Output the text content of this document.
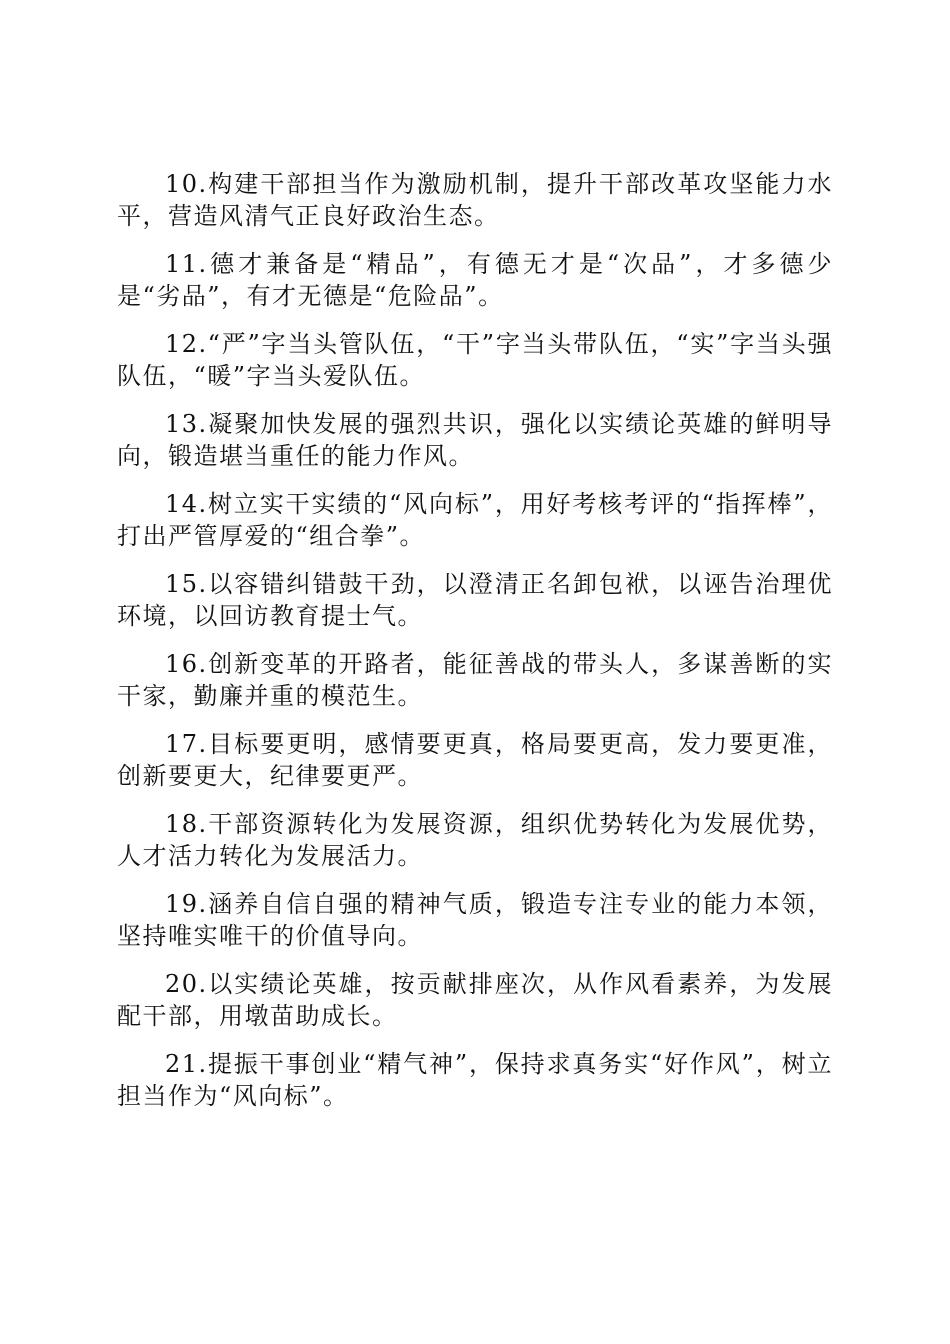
10.构建干部担当作为激励机制，提升干部改革攻坚能力水平，营造风清气正良好政治生态。

11.德才兼备是“精品”，有德无才是“次品”，才多德少是“劣品”，有才无德是“危险品”。

12.“严”字当头管队伍，“干”字当头带队伍，“实”字当头强队伍，“暖”字当头爱队伍。

13.凝聚加快发展的强烈共识，强化以实绩论英雄的鲜明导向，锻造堪当重任的能力作风。

14.树立实干实绩的“风向标”，用好考核考评的“指挥棒”，打出严管厚爱的“组合拳”。

15.以容错纠错鼓干劲，以澄清正名卸包袱，以诬告治理优环境，以回访教育提士气。

16.创新变革的开路者，能征善战的带头人，多谋善断的实干家，勤廉并重的模范生。

17.目标要更明，感情要更真，格局要更高，发力要更准，创新要更大，纪律要更严。

18.干部资源转化为发展资源，组织优势转化为发展优势，人才活力转化为发展活力。

19.涵养自信自强的精神气质，锻造专注专业的能力本领，坚持唯实唯干的价值导向。

20.以实绩论英雄，按贡献排座次，从作风看素养，为发展配干部，用墩苗助成长。

21.提振干事创业“精气神”，保持求真务实“好作风”，树立担当作为“风向标”。
